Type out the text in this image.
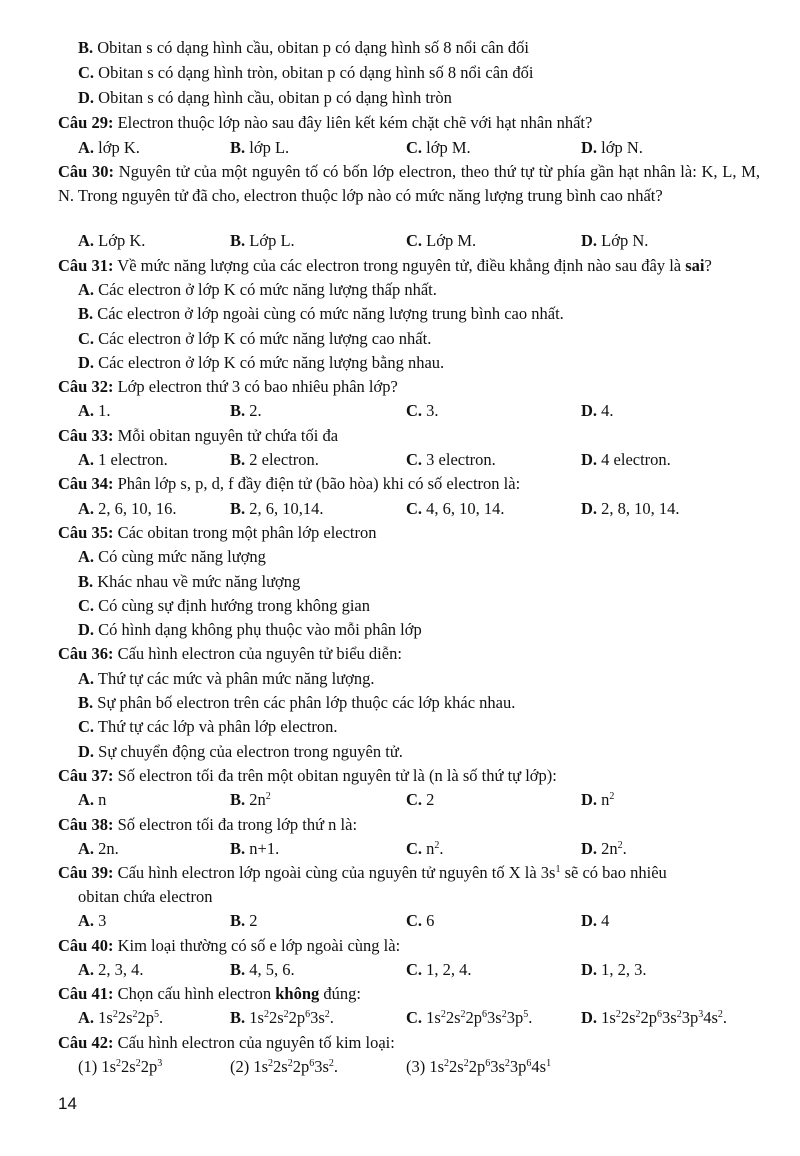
B. Obitan s có dạng hình cầu, obitan p có dạng hình số 8 nổi cân đối
C. Obitan s có dạng hình tròn, obitan p có dạng hình số 8 nổi cân đối
D. Obitan s có dạng hình cầu, obitan p có dạng hình tròn
Câu 29: Electron thuộc lớp nào sau đây liên kết kém chặt chẽ với hạt nhân nhất?
A. lớp K.	B. lớp L.	C. lớp M.	D. lớp N.
Câu 30: Nguyên tử của một nguyên tố có bốn lớp electron, theo thứ tự từ phía gần hạt nhân là: K, L, M, N. Trong nguyên tử đã cho, electron thuộc lớp nào có mức năng lượng trung bình cao nhất?
A. Lớp K.	B. Lớp L.	C. Lớp M.	D. Lớp N.
Câu 31: Về mức năng lượng của các electron trong nguyên tử, điều khẳng định nào sau đây là sai?
A. Các electron ở lớp K có mức năng lượng thấp nhất.
B. Các electron ở lớp ngoài cùng có mức năng lượng trung bình cao nhất.
C. Các electron ở lớp K có mức năng lượng cao nhất.
D. Các electron ở lớp K có mức năng lượng bằng nhau.
Câu 32: Lớp electron thứ 3 có bao nhiêu phân lớp?
A. 1.	B. 2.	C. 3.	D. 4.
Câu 33: Mỗi obitan nguyên tử chứa tối đa
A. 1 electron.	B. 2 electron.	C. 3 electron.	D. 4 electron.
Câu 34: Phân lớp s, p, d, f đầy điện tử (bão hòa) khi có số electron là:
A. 2, 6, 10, 16.	B. 2, 6, 10,14.	C. 4, 6, 10, 14.	D. 2, 8, 10, 14.
Câu 35: Các obitan trong một phân lớp electron
A. Có cùng mức năng lượng
B. Khác nhau về mức năng lượng
C. Có cùng sự định hướng trong không gian
D. Có hình dạng không phụ thuộc vào mỗi phân lớp
Câu 36: Cấu hình electron của nguyên tử biểu diễn:
A. Thứ tự các mức và phân mức năng lượng.
B. Sự phân bố electron trên các phân lớp thuộc các lớp khác nhau.
C. Thứ tự các lớp và phân lớp electron.
D. Sự chuyển động của electron trong nguyên tử.
Câu 37: Số electron tối đa trên một obitan nguyên tử là (n là số thứ tự lớp):
A. n	B. $2n^2$	C. 2	D. $n^2$
Câu 38: Số electron tối đa trong lớp thứ n là:
A. 2n.	B. n+1.	C. $n^2$.	D. $2n^2$.
Câu 39: Cấu hình electron lớp ngoài cùng của nguyên tử nguyên tố X là $3s^1$ sẽ có bao nhiêu
obitan chứa electron
A. 3	B. 2	C. 6	D. 4
Câu 40: Kim loại thường có số e lớp ngoài cùng là:
A. 2, 3, 4.	B. 4, 5, 6.	C. 1, 2, 4.	D. 1, 2, 3.
Câu 41: Chọn cấu hình electron không đúng:
A. $1s^22s^22p^5$.	B. $1s^22s^22p^63s^2$.	C. $1s^22s^22p^63s^23p^5$.	D. $1s^22s^22p^63s^23p^34s^2$.
Câu 42: Cấu hình electron của nguyên tố kim loại:
(1) $1s^22s^22p^3$	(2) $1s^22s^22p^63s^2$.	(3) $1s^22s^22p^63s^23p^64s^1$
14
